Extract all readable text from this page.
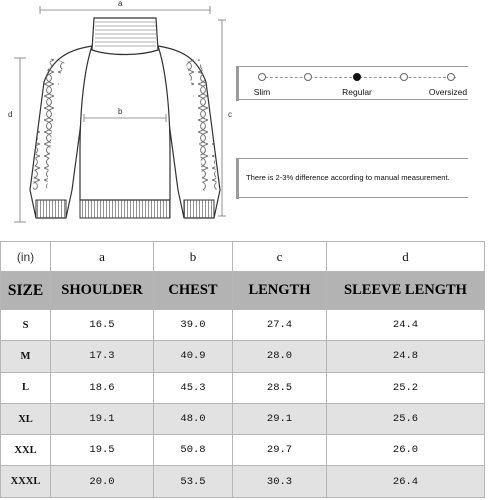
a
b	c
d
Slim	Regular	Oversized
There is 2-3% difference according to manual measurement.
(in)	a	b	c	d
SIZE	SHOULDER	CHEST	LENGTH	SLEEVE LENGTH
S	16.5	39.0	27.4	24.4
M	17.3	40.9	28.0	24.8
L	18.6	45.3	28.5	25.2
XL	19.1	48.0	29.1	25.6
XXL	19.5	50.8	29.7	26.0
XXXL	20.0	53.5	30.3	26.4
